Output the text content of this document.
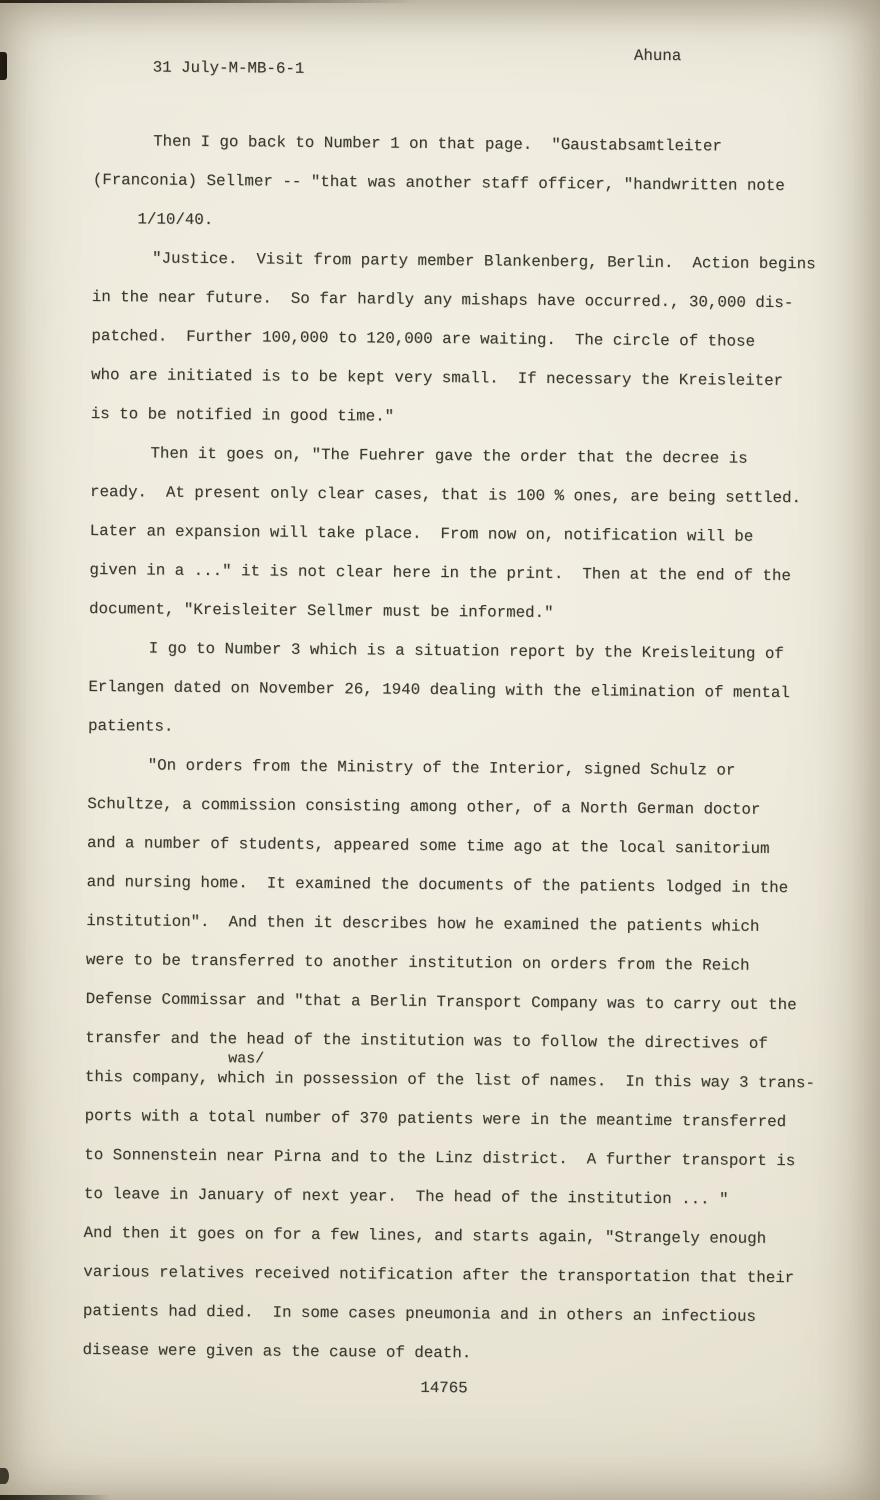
31 July-M-MB-6-1

Ahuna

Then I go back to Number 1 on that page.  "Gaustabsamtleiter
(Franconia) Sellmer -- "that was another staff officer, "handwritten note
1/10/40.
"Justice.  Visit from party member Blankenberg, Berlin.  Action begins
in the near future.  So far hardly any mishaps have occurred., 30,000 dis-
patched.  Further 100,000 to 120,000 are waiting.  The circle of those
who are initiated is to be kept very small.  If necessary the Kreisleiter
is to be notified in good time."
Then it goes on, "The Fuehrer gave the order that the decree is
ready.  At present only clear cases, that is 100 % ones, are being settled.
Later an expansion will take place.  From now on, notification will be
given in a ..." it is not clear here in the print.  Then at the end of the
document, "Kreisleiter Sellmer must be informed."
I go to Number 3 which is a situation report by the Kreisleitung of
Erlangen dated on November 26, 1940 dealing with the elimination of mental
patients.
"On orders from the Ministry of the Interior, signed Schulz or
Schultze, a commission consisting among other, of a North German doctor
and a number of students, appeared some time ago at the local sanitorium
and nursing home.  It examined the documents of the patients lodged in the
institution".  And then it describes how he examined the patients which
were to be transferred to another institution on orders from the Reich
Defense Commissar and "that a Berlin Transport Company was to carry out the
transfer and the head of the institution was to follow the directives of
was/
this company, which in possession of the list of names.  In this way 3 trans-
ports with a total number of 370 patients were in the meantime transferred
to Sonnenstein near Pirna and to the Linz district.  A further transport is
to leave in January of next year.  The head of the institution ... "
And then it goes on for a few lines, and starts again, "Strangely enough
various relatives received notification after the transportation that their
patients had died.  In some cases pneumonia and in others an infectious
disease were given as the cause of death.
14765
